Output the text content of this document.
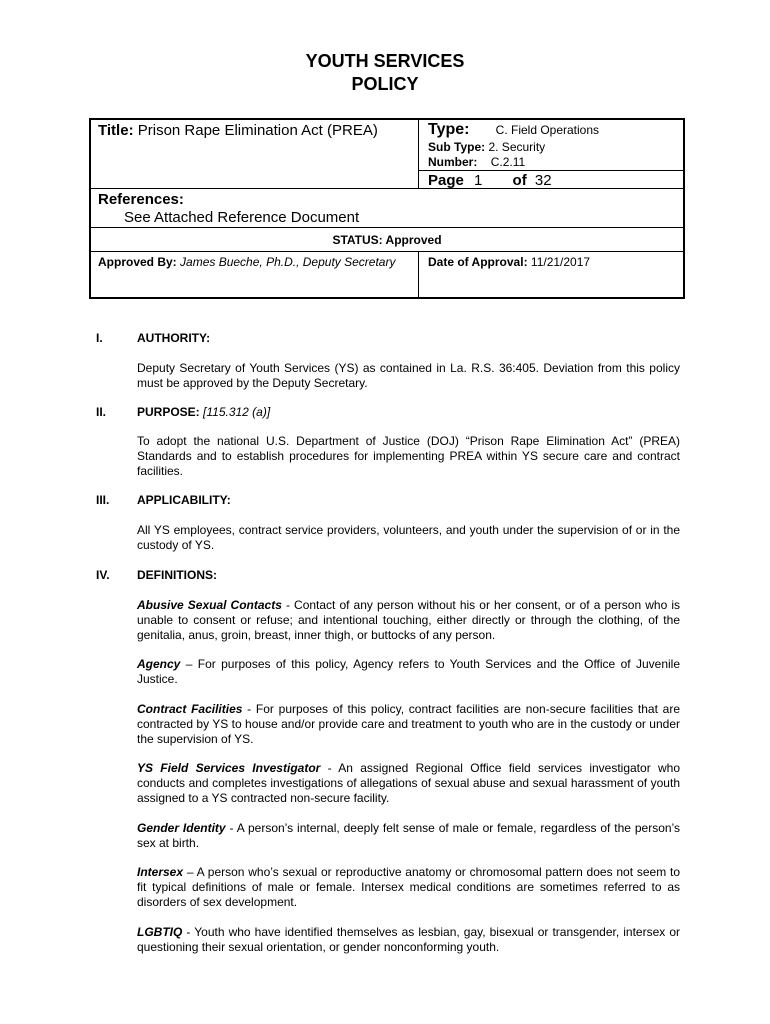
YOUTH SERVICES
POLICY
Title: Prison Rape Elimination Act (PREA)	Type: C. Field Operations
Sub Type: 2. Security
Number: C.2.11
Page 1 of 32
References:
See Attached Reference Document
STATUS: Approved
Approved By: James Bueche, Ph.D., Deputy Secretary	Date of Approval: 11/21/2017
I.	AUTHORITY:
Deputy Secretary of Youth Services (YS) as contained in La. R.S. 36:405. Deviation from this policy must be approved by the Deputy Secretary.
II.	PURPOSE: [115.312 (a)]
To adopt the national U.S. Department of Justice (DOJ) “Prison Rape Elimination Act” (PREA) Standards and to establish procedures for implementing PREA within YS secure care and contract facilities.
III. APPLICABILITY:
All YS employees, contract service providers, volunteers, and youth under the supervision of or in the custody of YS.
IV. DEFINITIONS:
Abusive Sexual Contacts - Contact of any person without his or her consent, or of a person who is unable to consent or refuse; and intentional touching, either directly or through the clothing, of the genitalia, anus, groin, breast, inner thigh, or buttocks of any person.
Agency – For purposes of this policy, Agency refers to Youth Services and the Office of Juvenile Justice.
Contract Facilities - For purposes of this policy, contract facilities are non-secure facilities that are contracted by YS to house and/or provide care and treatment to youth who are in the custody or under the supervision of YS.
YS Field Services Investigator - An assigned Regional Office field services investigator who conducts and completes investigations of allegations of sexual abuse and sexual harassment of youth assigned to a YS contracted non-secure facility.
Gender Identity - A person’s internal, deeply felt sense of male or female, regardless of the person’s sex at birth.
Intersex – A person who’s sexual or reproductive anatomy or chromosomal pattern does not seem to fit typical definitions of male or female. Intersex medical conditions are sometimes referred to as disorders of sex development.
LGBTIQ - Youth who have identified themselves as lesbian, gay, bisexual or transgender, intersex or questioning their sexual orientation, or gender nonconforming youth.
